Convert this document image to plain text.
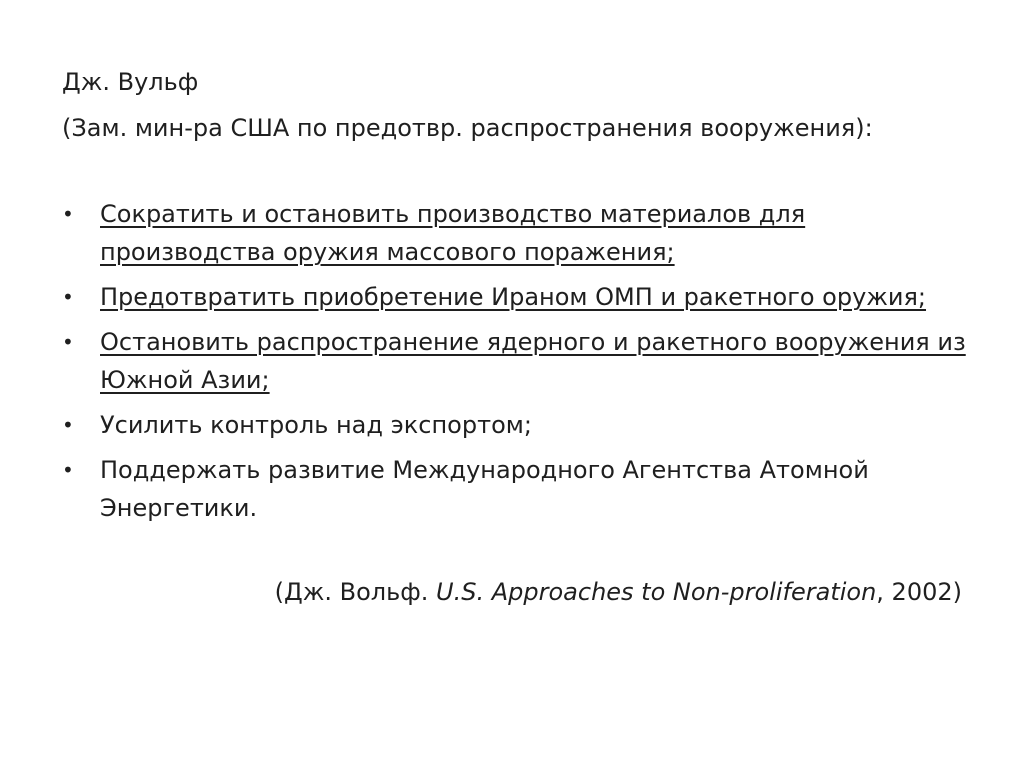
Дж. Вульф
(Зам. мин-ра США по предотвр. распространения вооружения):
•	Сократить и остановить производство материалов для производства оружия массового поражения;
•	Предотвратить приобретение Ираном ОМП и ракетного оружия;
•	Остановить распространение ядерного и ракетного вооружения из Южной Азии;
•	Усилить контроль над экспортом;
•	Поддержать развитие Международного Агентства Атомной Энергетики.
(Дж. Вольф. U.S. Approaches to Non-proliferation, 2002)
